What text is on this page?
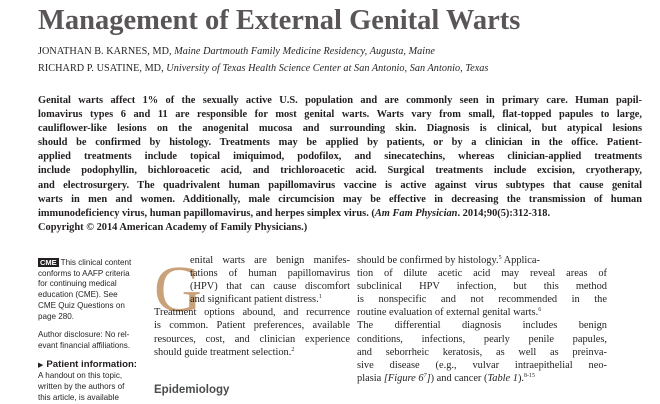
Management of External Genital Warts
JONATHAN B. KARNES, MD, Maine Dartmouth Family Medicine Residency, Augusta, Maine
RICHARD P. USATINE, MD, University of Texas Health Science Center at San Antonio, San Antonio, Texas
Genital warts affect 1% of the sexually active U.S. population and are commonly seen in primary care. Human papil-
lomavirus types 6 and 11 are responsible for most genital warts. Warts vary from small, flat-topped papules to large,
cauliflower-like lesions on the anogenital mucosa and surrounding skin. Diagnosis is clinical, but atypical lesions
should be confirmed by histology. Treatments may be applied by patients, or by a clinician in the office. Patient-
applied treatments include topical imiquimod, podofilox, and sinecatechins, whereas clinician-applied treatments
include podophyllin, bichloroacetic acid, and trichloroacetic acid. Surgical treatments include excision, cryotherapy,
and electrosurgery. The quadrivalent human papillomavirus vaccine is active against virus subtypes that cause genital
warts in men and women. Additionally, male circumcision may be effective in decreasing the transmission of human
immunodeficiency virus, human papillomavirus, and herpes simplex virus. (Am Fam Physician. 2014;90(5):312-318.
Copyright © 2014 American Academy of Family Physicians.)
CME This clinical content
conforms to AAFP criteria
for continuing medical
education (CME). See
CME Quiz Questions on
page 280.
Author disclosure: No rel-
evant financial affiliations.
▶ Patient information:
A handout on this topic,
written by the authors of
this article, is available
G
enital warts are benign manifes-
tations of human papillomavirus
(HPV) that can cause discomfort
and significant patient distress.$^1$
Treatment options abound, and recurrence
is common. Patient preferences, available
resources, cost, and clinician experience
should guide treatment selection.$^2$
Epidemiology
should be confirmed by histology.$^5$ Applica-
tion of dilute acetic acid may reveal areas of
subclinical HPV infection, but this method
is nonspecific and not recommended in the
routine evaluation of external genital warts.$^6$
The differential diagnosis includes benign
conditions, infections, pearly penile papules,
and seborrheic keratosis, as well as preinva-
sive disease (e.g., vulvar intraepithelial neo-
plasia [Figure $6^7$]) and cancer (Table 1).$^{8-15}$
